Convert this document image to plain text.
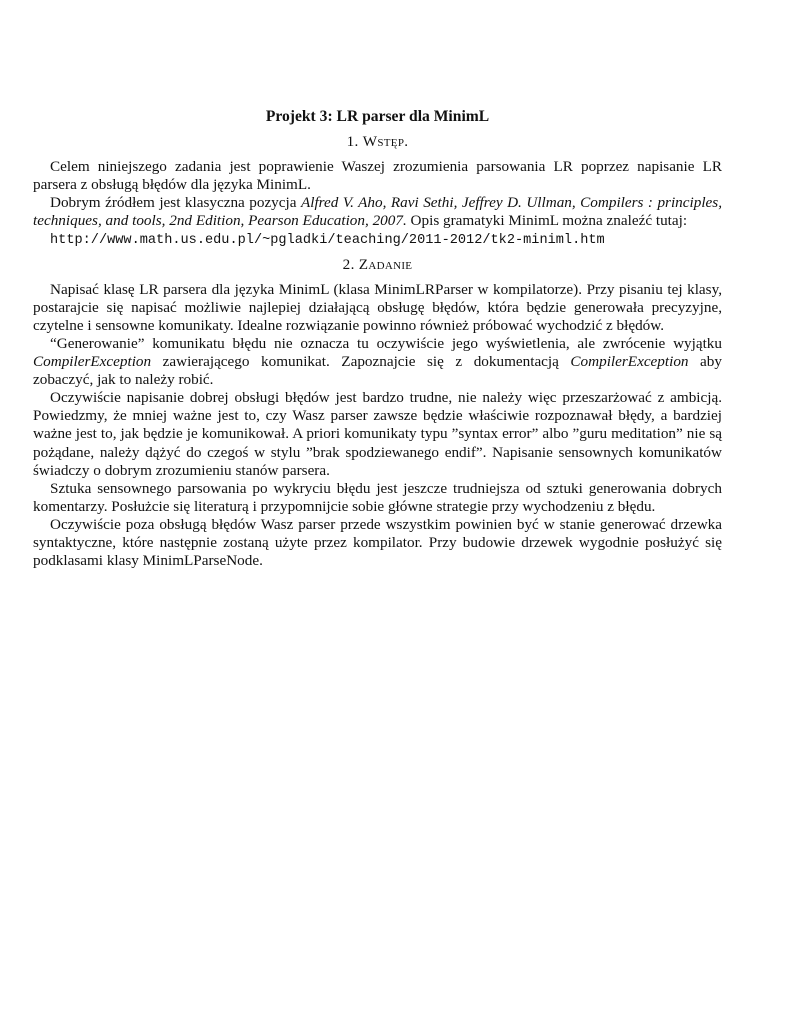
Projekt 3: LR parser dla MinimL
1. Wstęp.

Celem niniejszego zadania jest poprawienie Waszej zrozumienia parsowania LR poprzez napisanie LR parsera z obsługą błędów dla języka MinimL.

Dobrym źródłem jest klasyczna pozycja Alfred V. Aho, Ravi Sethi, Jeffrey D. Ullman, Compilers : principles, techniques, and tools, 2nd Edition, Pearson Education, 2007. Opis gramatyki MinimL można znaleźć tutaj:

http://www.math.us.edu.pl/~pgladki/teaching/2011-2012/tk2-miniml.htm
2. Zadanie

Napisać klasę LR parsera dla języka MinimL (klasa MinimLRParser w kompilatorze). Przy pisaniu tej klasy, postarajcie się napisać możliwie najlepiej działającą obsługę błędów, która będzie generowała precyzyjne, czytelne i sensowne komunikaty. Idealne rozwiązanie powinno również próbować wychodzić z błędów.

“Generowanie” komunikatu błędu nie oznacza tu oczywiście jego wyświetlenia, ale zwrócenie wyjątku CompilerException zawierającego komunikat. Zapoznajcie się z dokumentacją CompilerException aby zobaczyć, jak to należy robić.

Oczywiście napisanie dobrej obsługi błędów jest bardzo trudne, nie należy więc przeszarżować z ambicją. Powiedzmy, że mniej ważne jest to, czy Wasz parser zawsze będzie właściwie rozpoznawał błędy, a bardziej ważne jest to, jak będzie je komunikował. A priori komunikaty typu ”syntax error” albo ”guru meditation” nie są pożądane, należy dążyć do czegoś w stylu ”brak spodziewanego endif”. Napisanie sensownych komunikatów świadczy o dobrym zrozumieniu stanów parsera.

Sztuka sensownego parsowania po wykryciu błędu jest jeszcze trudniejsza od sztuki generowania dobrych komentarzy. Posłużcie się literaturą i przypomnijcie sobie główne strategie przy wychodzeniu z błędu.

Oczywiście poza obsługą błędów Wasz parser przede wszystkim powinien być w stanie generować drzewka syntaktyczne, które następnie zostaną użyte przez kompilator. Przy budowie drzewek wygodnie posłużyć się podklasami klasy MinimLParseNode.
